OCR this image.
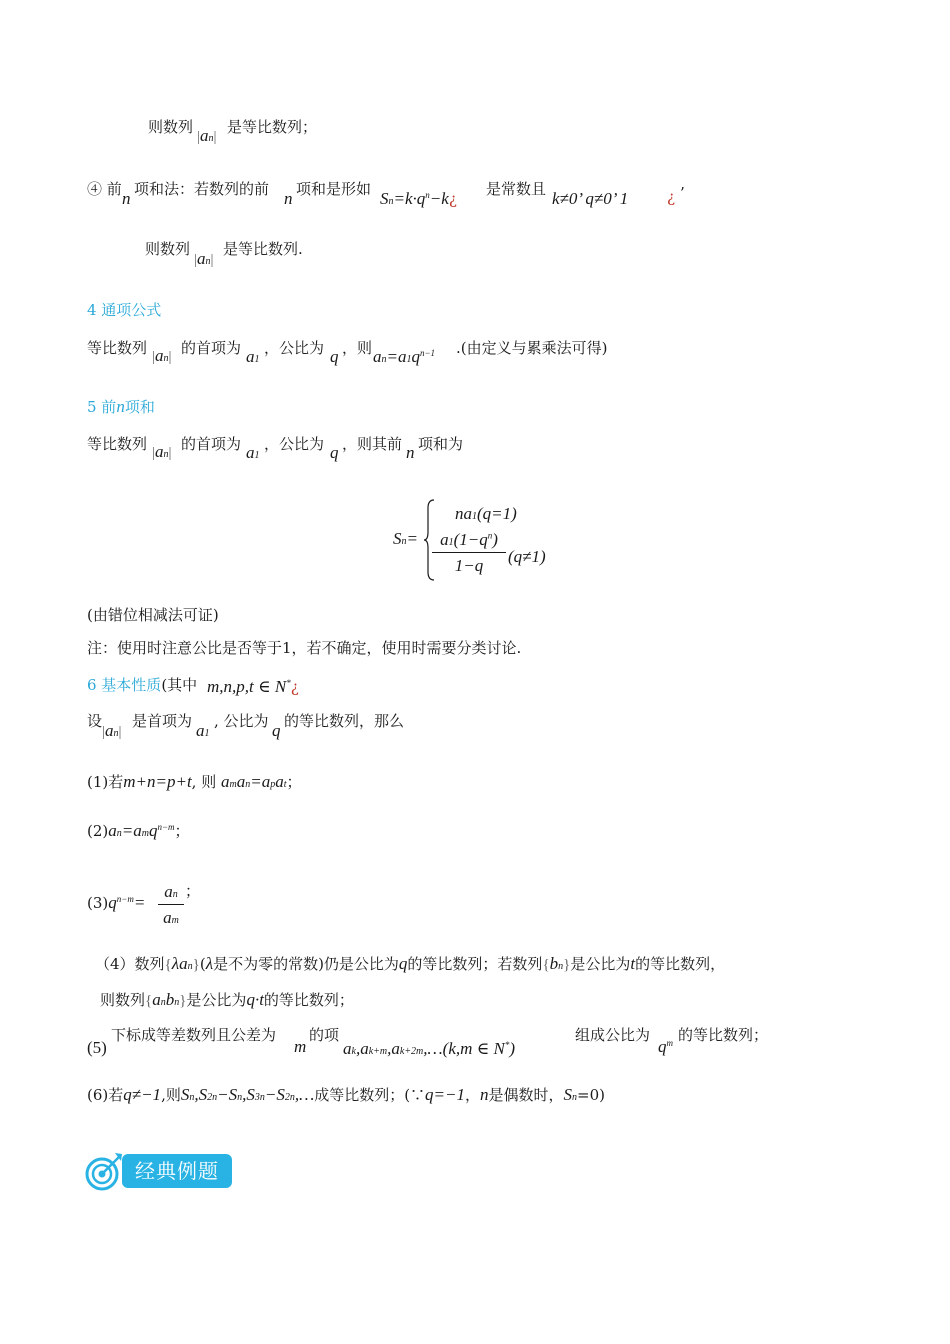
则数列
|an|
是等比数列；
④ 前 n 项和法：若数列的前 n 项和是形如 $Sn=k\cdot q^n-k¿$
是常数且 k≠0’ q≠0’ 1	¿ ’
则数列
|an|
是等比数列.
4 通项公式
等比数列 |an| 的首项为 a1
，公比为 q ，则 $an=a1q^{n-1}$ .(由定义与累乘法可得)
5 前n项和
等比数列 |an| 的首项为 a1
，公比为 q ，则其前 n 项和为
Sn=
na1(q=1)
$\frac{a1(1-q^n)}{1-q} (q\ne 1)$
(由错位相减法可证)
注：使用时注意公比是否等于1，若不确定，使用时需要分类讨论.
6 基本性质(其中 m,n,p,t ∈ N*¿
设
|an|
是首项为 a1
, 公比为 q 的等比数列，那么
(1)若m+n=p+t, 则 aman=apat；
(2)an=amq$^{n-m}$；
$(3)q^{n-m}= \frac{an}{am}$ ；
（4）数列{λan}(λ是不为零的常数)仍是公比为q的等比数列；若数列{bn}是公比为t的等比数列，
则数列{anbn}是公比为q·t的等比数列；
(5)
下标成等差数列且公差为
m
的项
ak,ak+m,ak+2m,…(k,m ∈ N*)
组成公比为
$q^m$ 的等比数列；
(6)若q≠−1,则Sn,S2n−Sn,S3n−S2n,…成等比数列；(∵q=−1，n是偶数时，Sn=0)
经典例题
